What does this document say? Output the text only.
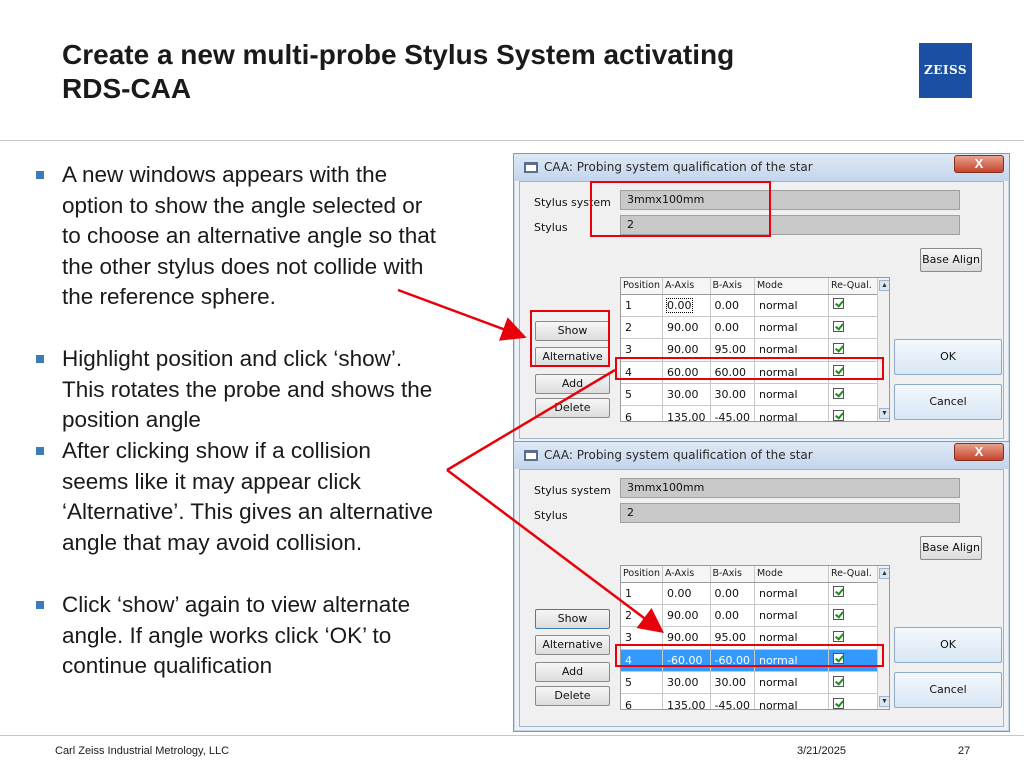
Create a new multi-probe Stylus System activating
RDS-CAA
ZEISS
A new windows appears with the
option to show the angle selected or
to choose an alternative angle so that
the other stylus does not collide with
the reference sphere.
Highlight position and click ‘show’.
This rotates the probe and shows the
position angle
After clicking show if a collision
seems like it may appear click
‘Alternative’. This gives an alternative
angle that may avoid collision.
Click ‘show’ again to view alternate
angle. If angle works click ‘OK’ to
continue qualification
CAA: Probing system qualification of the star	X
Stylus system	3mmx100mm
Stylus	2
Base Align
Show
Alternative
Add
Delete
Position	A-Axis	B-Axis	Mode	Re-Qual.
1	0.00	0.00	normal	
2	90.00	0.00	normal	
3	90.00	95.00	normal	
4	60.00	60.00	normal	
5	30.00	30.00	normal	
6	135.00	-45.00	normal	
▲
▼
OK
Cancel
CAA: Probing system qualification of the star	X
Stylus system	3mmx100mm
Stylus	2
Base Align
Show
Alternative
Add
Delete
Position	A-Axis	B-Axis	Mode	Re-Qual.
1	0.00	0.00	normal	
2	90.00	0.00	normal	
3	90.00	95.00	normal	
4	-60.00	-60.00	normal	
5	30.00	30.00	normal	
6	135.00	-45.00	normal	
▲
▼
OK
Cancel
Carl Zeiss Industrial Metrology, LLC	3/21/2025	27
